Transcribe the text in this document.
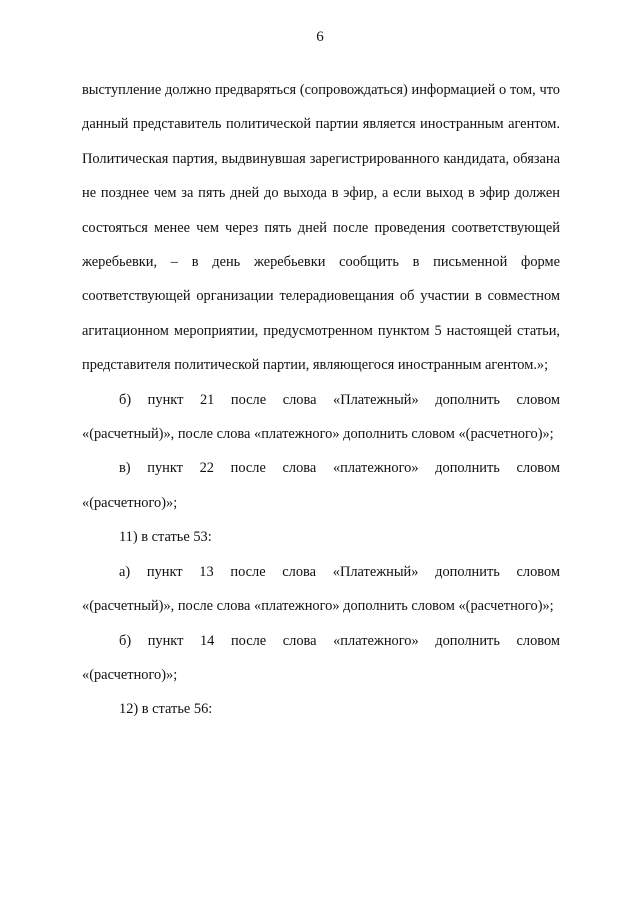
6

выступление должно предваряться (сопровождаться) информацией о том, что данный представитель политической партии является иностранным агентом. Политическая партия, выдвинувшая зарегистрированного кандидата, обязана не позднее чем за пять дней до выхода в эфир, а если выход в эфир должен состояться менее чем через пять дней после проведения соответствующей жеребьевки, – в день жеребьевки сообщить в письменной форме соответствующей организации телерадиовещания об участии в совместном агитационном мероприятии, предусмотренном пунктом 5 настоящей статьи, представителя политической партии, являющегося иностранным агентом.»;

б) пункт 21 после слова «Платежный» дополнить словом «(расчетный)», после слова «платежного» дополнить словом «(расчетного)»;

в) пункт 22 после слова «платежного» дополнить словом «(расчетного)»;

11) в статье 53:

а) пункт 13 после слова «Платежный» дополнить словом «(расчетный)», после слова «платежного» дополнить словом «(расчетного)»;

б) пункт 14 после слова «платежного» дополнить словом «(расчетного)»;

12) в статье 56:
